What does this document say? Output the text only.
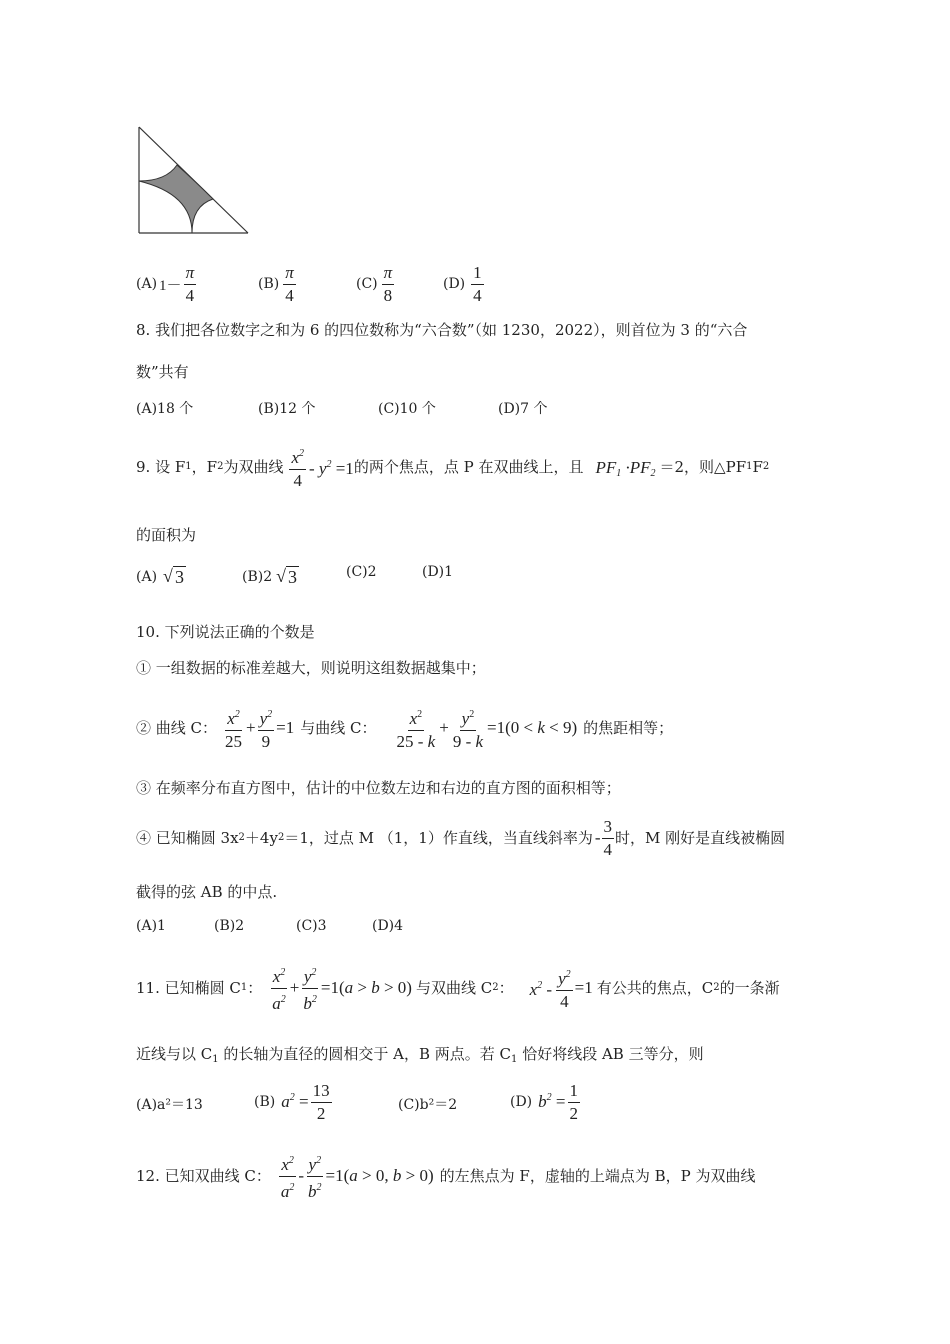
(A) $1- \frac{\pi}{4}$	$(B) \frac{\pi}{4}$	$(C) \frac{\pi}{8}$	$(D) \frac{1}{4}$
8. 我们把各位数字之和为 6 的四位数称为“六合数”（如 1230，2022），则首位为 3 的“六合
数”共有
(A)18 个	(B)12 个	(C)10 个	(D)7 个
9. 设 F 1 ，F 2 为双曲线 $\frac{x^2}{4} - y^2 =1$ 的两个焦点，点 P 在双曲线上，且 $PF_1 \cdot PF_2 =2$，则△PF 1 F 2
的面积为
(A) √ 3	(B)2 √ 3	(C)2	(D)1
10. 下列说法正确的个数是
① 一组数据的标准差越大，则说明这组数据越集中；
② 曲线 C： $\frac{x^2}{25} + \frac{y^2}{9} =1$ 与曲线 C： $\frac{x^2}{25 - k} + \frac{y^2}{9 - k} =1(0 < k < 9)$ 的焦距相等；
③ 在频率分布直方图中，估计的中位数左边和右边的直方图的面积相等；
④ 已知椭圆 3x 2 ＋4y 2 ＝1，过点 M （1，1）作直线，当直线斜率为 - $\frac{3}{4}$ 时，M 刚好是直线被椭圆
截得的弦 AB 的中点.
(A)1	(B)2	(C)3	(D)4
11. 已知椭圆 C 1 ： $\frac{x^2}{a^2} + \frac{y^2}{b^2} =1(a > b > 0)$ 与双曲线 C 2 ： $x^2 - \frac{y^2}{4} =1$ 有公共的焦点，C 2 的一条渐
近线与以 $C_1$ 的长轴为直径的圆相交于 A，B 两点。若 $C_1$ 恰好将线段 AB 三等分，则
(A)a²＝13	(B) $a^2 = \frac{13}{2}$	(C)b²＝2	(D) $b^2 = \frac{1}{2}$
12. 已知双曲线 C： $\frac{x^2}{a^2} - \frac{y^2}{b^2} =1(a > 0$, b > 0) 的左焦点为 F，虚轴的上端点为 B，P 为双曲线
